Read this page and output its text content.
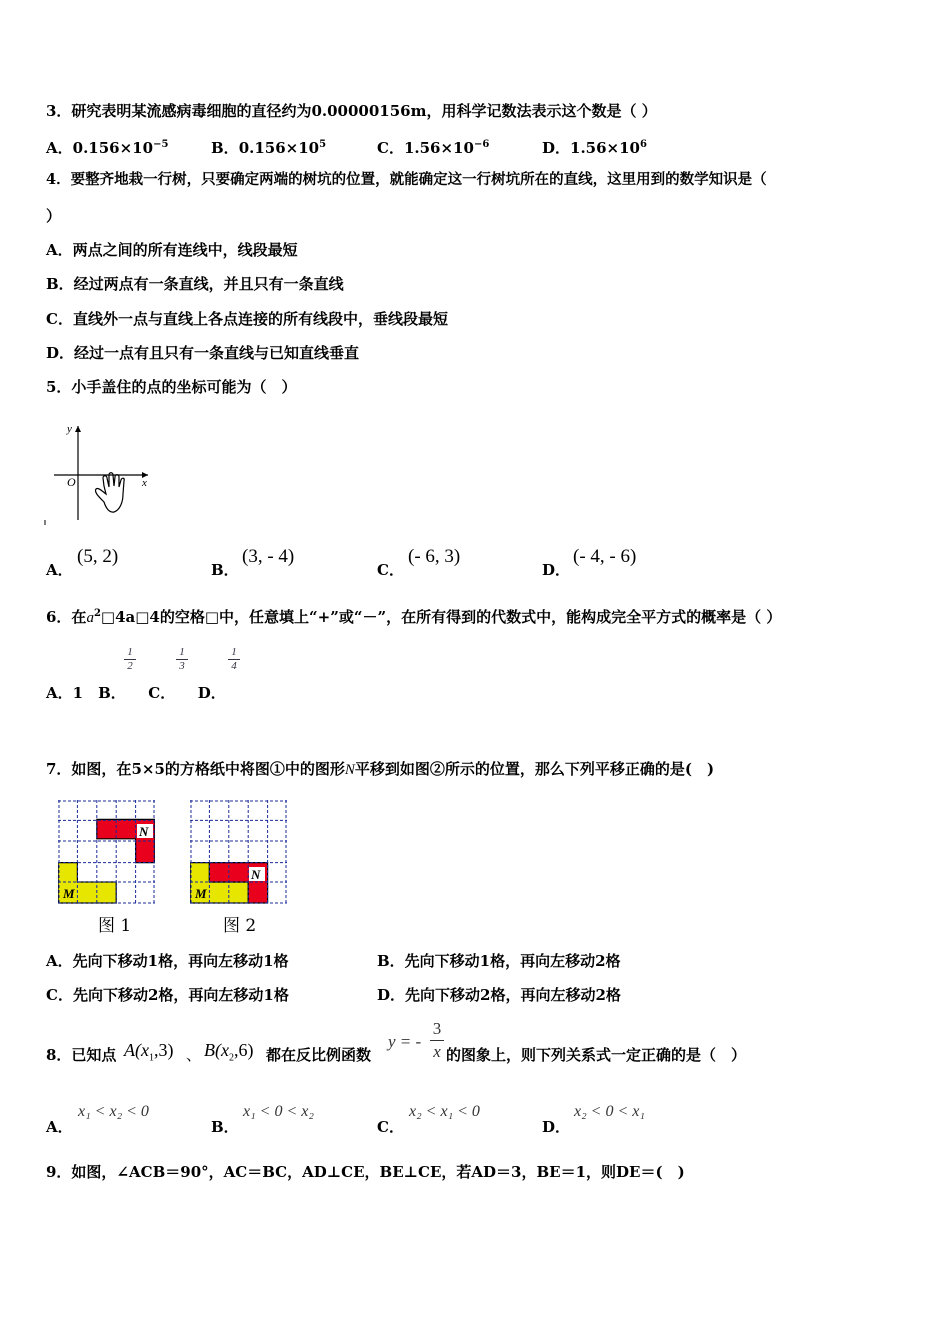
3．研究表明某流感病毒细胞的直径约为0.00000156m，用科学记数法表示这个数是（ ）
A．$0.156\times 10^{-5}$	B．$0.156\times 10^5$	C．$1.56\times 10^{-6}$	D．$1.56\times 10^6$
4．要整齐地栽一行树，只要确定两端的树坑的位置，就能确定这一行树坑所在的直线，这里用到的数学知识是（
）
A．两点之间的所有连线中，线段最短
B．经过两点有一条直线，并且只有一条直线
C．直线外一点与直线上各点连接的所有线段中，垂线段最短
D．经过一点有且只有一条直线与已知直线垂直
5．小手盖住的点的坐标可能为（　）
y
x
O
A．
(5, 2)
B．
(3, - 4)
C．
(- 6, 3)
D．
(- 4, - 6)
6．在$a^2□4a□4$的空格□中，任意填上“+”或“－”，在所有得到的代数式中，能构成完全平方式的概率是（ ）
1
2
1
3
1
4
A．1　B．　　C．　　D．
7．如图，在5×5的方格纸中将图①中的图形N平移到如图②所示的位置，那么下列平移正确的是(　)
N
M
图 1
M
N
图 2
A．先向下移动1格，再向左移动1格	B．先向下移动1格，再向左移动2格
C．先向下移动2格，再向左移动1格	D．先向下移动2格，再向左移动2格
8．已知点 $A(x_1,3)$ 、 $B(x_2,6)$ 都在反比例函数
y = -
3
x 的图象上，则下列关系式一定正确的是（　）
A．
x₁ < x₂ < 0
B．
x₁ < 0 < x₂
C．
x₂ < x₁ < 0
D．
x₂ < 0 < x₁
9．如图，∠ACB＝90°，AC＝BC，AD⊥CE，BE⊥CE，若AD＝3，BE＝1，则DE＝(　)
